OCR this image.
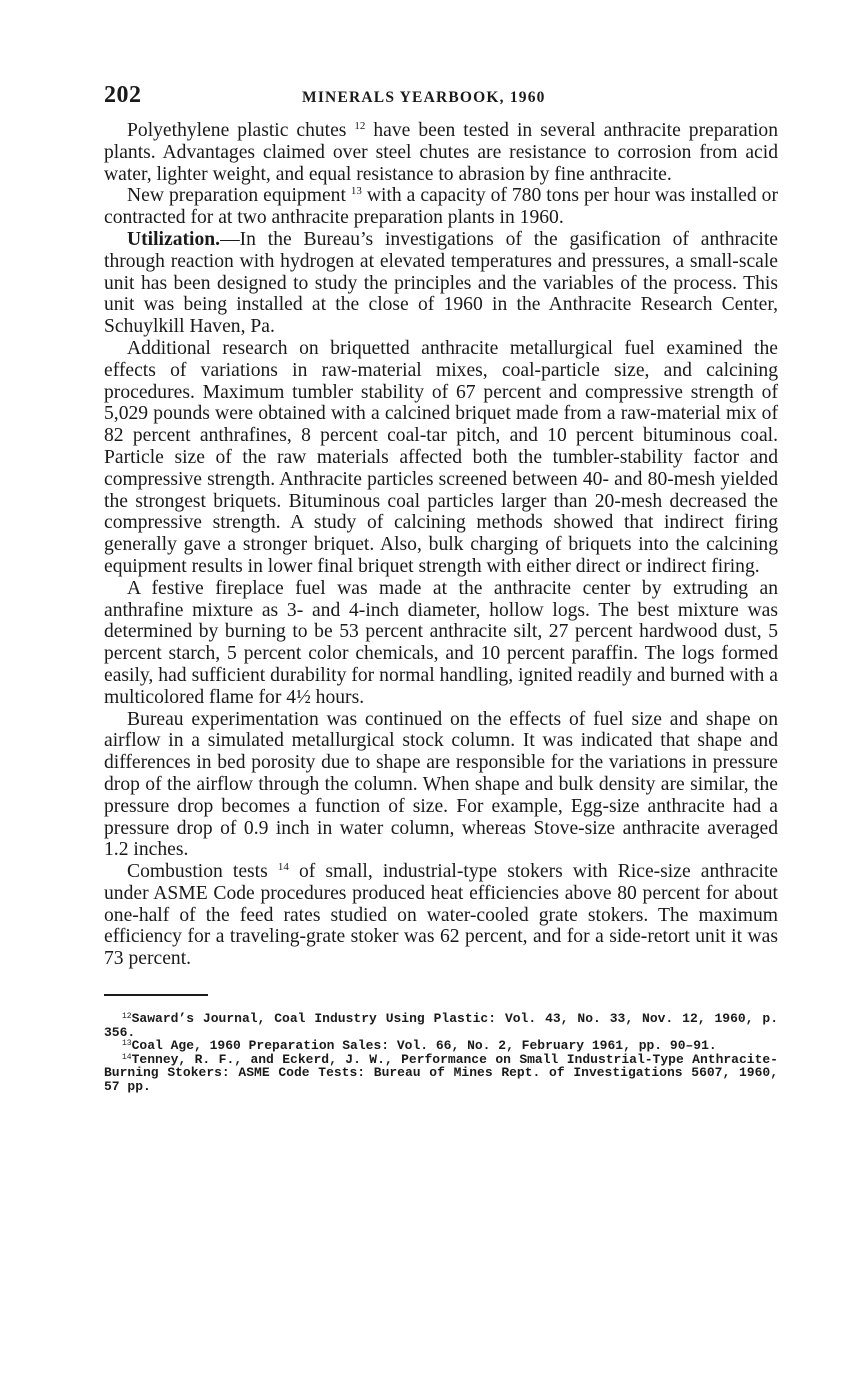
202	MINERALS YEARBOOK, 1960

Polyethylene plastic chutes $^{12}$ have been tested in several anthracite preparation plants. Advantages claimed over steel chutes are resistance to corrosion from acid water, lighter weight, and equal resistance to abrasion by fine anthracite.

New preparation equipment $^{13}$ with a capacity of 780 tons per hour was installed or contracted for at two anthracite preparation plants in 1960.

Utilization.—In the Bureau’s investigations of the gasification of anthracite through reaction with hydrogen at elevated temperatures and pressures, a small-scale unit has been designed to study the principles and the variables of the process. This unit was being installed at the close of 1960 in the Anthracite Research Center, Schuylkill Haven, Pa.

Additional research on briquetted anthracite metallurgical fuel examined the effects of variations in raw-material mixes, coal-particle size, and calcining procedures. Maximum tumbler stability of 67 percent and compressive strength of 5,029 pounds were obtained with a calcined briquet made from a raw-material mix of 82 percent anthrafines, 8 percent coal-tar pitch, and 10 percent bituminous coal. Particle size of the raw materials affected both the tumbler-stability factor and compressive strength. Anthracite particles screened between 40- and 80-mesh yielded the strongest briquets. Bituminous coal particles larger than 20-mesh decreased the compressive strength. A study of calcining methods showed that indirect firing generally gave a stronger briquet. Also, bulk charging of briquets into the calcining equipment results in lower final briquet strength with either direct or indirect firing.

A festive fireplace fuel was made at the anthracite center by extruding an anthrafine mixture as 3- and 4-inch diameter, hollow logs. The best mixture was determined by burning to be 53 percent anthracite silt, 27 percent hardwood dust, 5 percent starch, 5 percent color chemicals, and 10 percent paraffin. The logs formed easily, had sufficient durability for normal handling, ignited readily and burned with a multicolored flame for 4½ hours.

Bureau experimentation was continued on the effects of fuel size and shape on airflow in a simulated metallurgical stock column. It was indicated that shape and differences in bed porosity due to shape are responsible for the variations in pressure drop of the airflow through the column. When shape and bulk density are similar, the pressure drop becomes a function of size. For example, Egg-size anthracite had a pressure drop of 0.9 inch in water column, whereas Stove-size anthracite averaged 1.2 inches.

Combustion tests $^{14}$ of small, industrial-type stokers with Rice-size anthracite under ASME Code procedures produced heat efficiencies above 80 percent for about one-half of the feed rates studied on water-cooled grate stokers. The maximum efficiency for a traveling-grate stoker was 62 percent, and for a side-retort unit it was 73 percent.

$^{12}$Saward’s Journal, Coal Industry Using Plastic: Vol. 43, No. 33, Nov. 12, 1960, p. 356.

$^{13}$Coal Age, 1960 Preparation Sales: Vol. 66, No. 2, February 1961, pp. 90–91.

$^{14}$Tenney, R. F., and Eckerd, J. W., Performance on Small Industrial-Type Anthracite-Burning Stokers: ASME Code Tests: Bureau of Mines Rept. of Investigations 5607, 1960, 57 pp.
